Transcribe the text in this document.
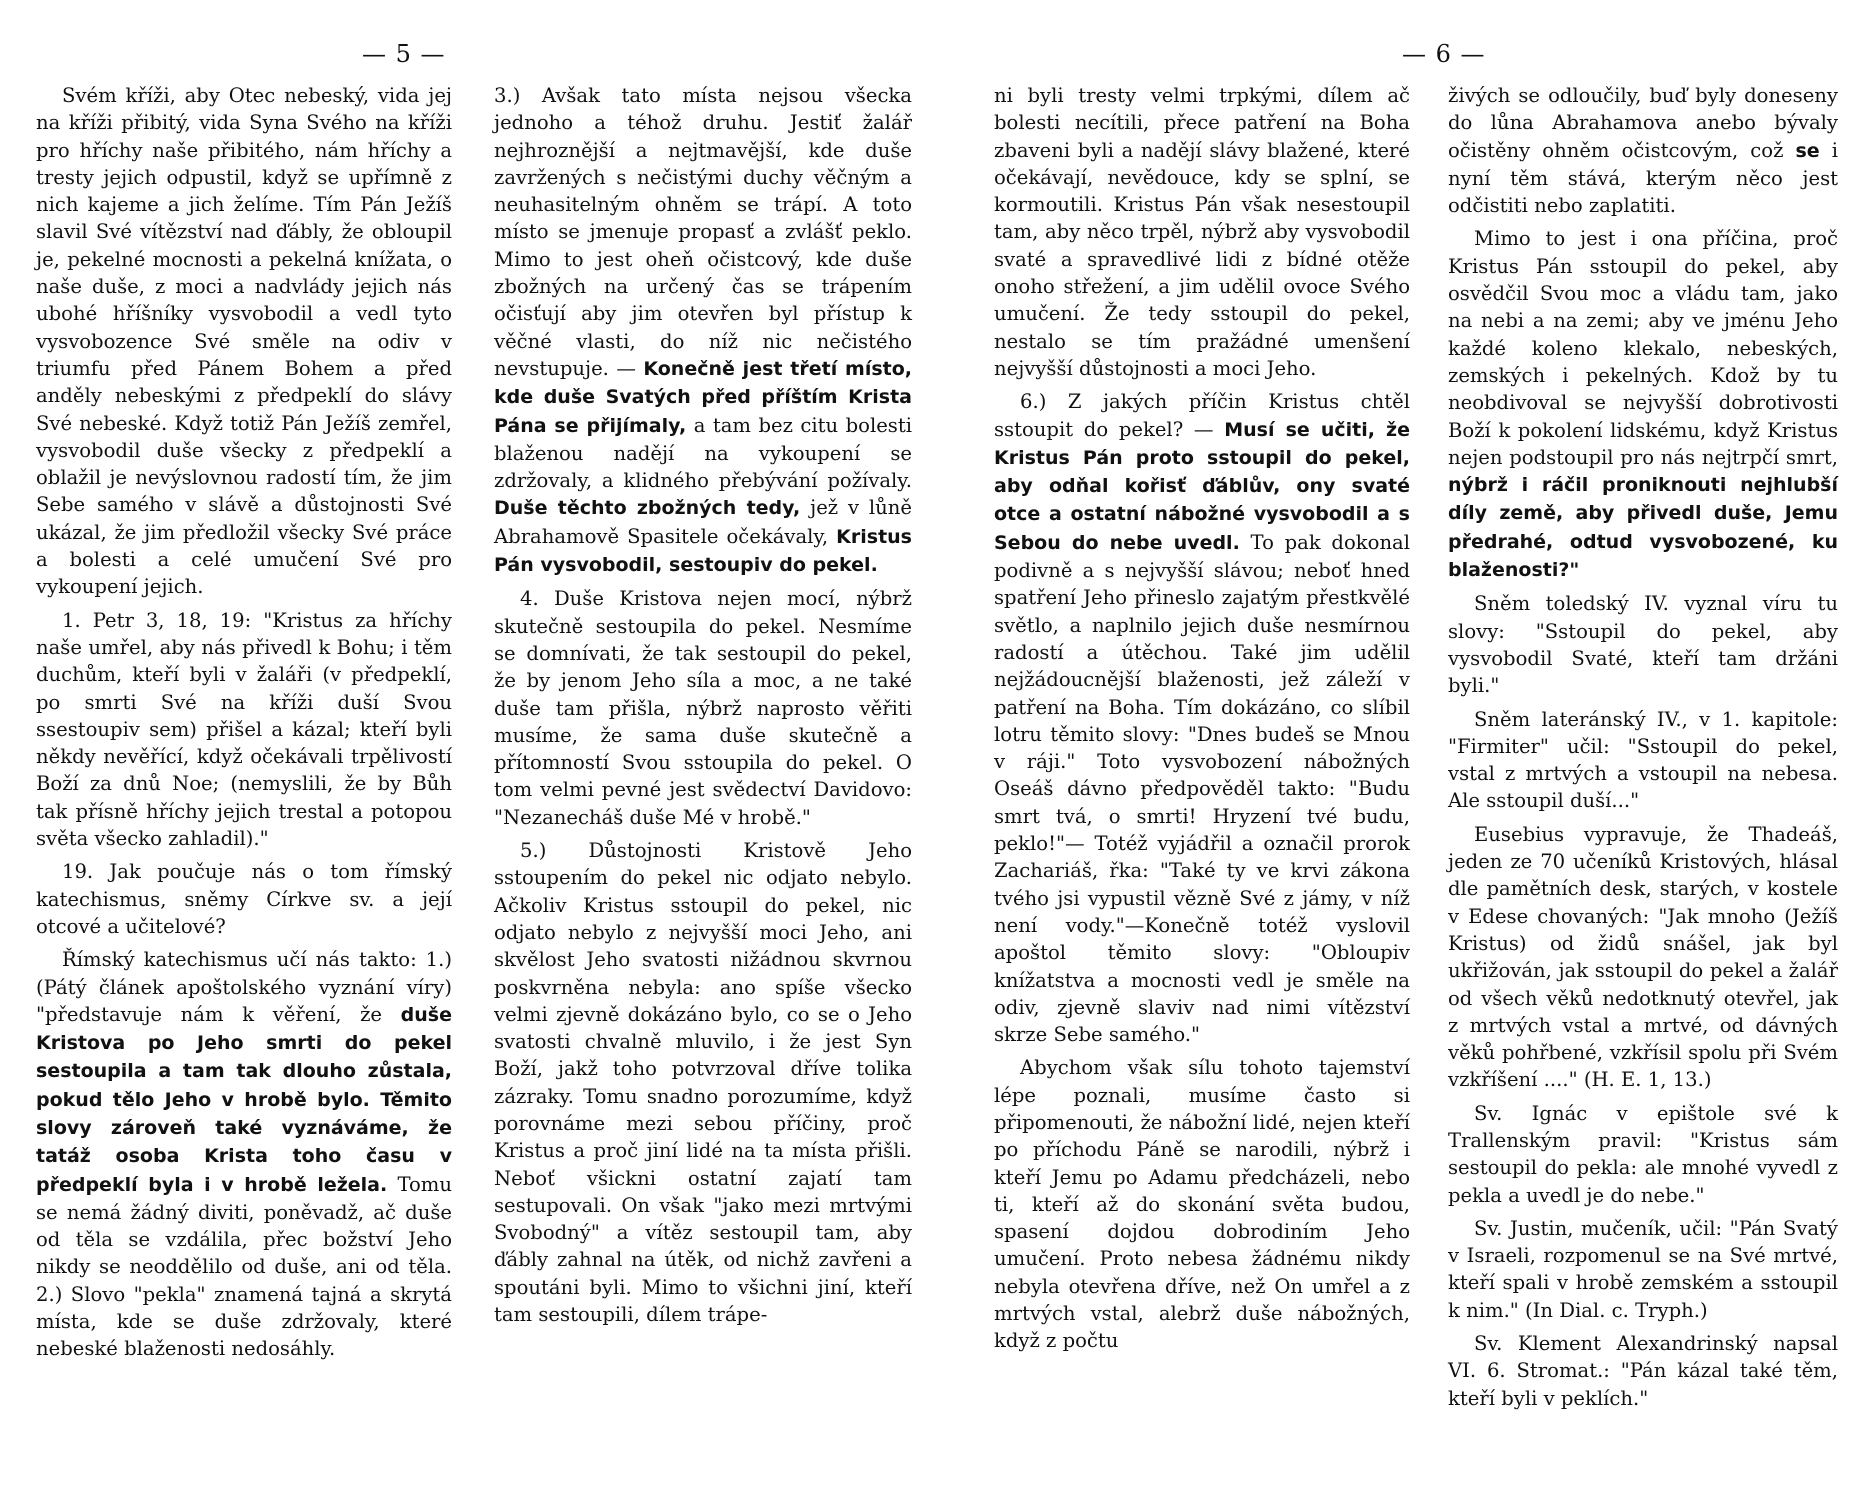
— 5 —	— 6 —

Svém kříži, aby Otec nebeský, vida jej na kříži přibitý, vida Syna Svého na kříži pro hříchy naše přibitého, nám hříchy a tresty jejich odpustil, když se upřímně z nich kajeme a jich želíme. Tím Pán Ježíš slavil Své vítězství nad ďábly, že obloupil je, pekelné mocnosti a pekelná knížata, o naše duše, z moci a nadvlády jejich nás ubohé hříšníky vysvobodil a vedl tyto vysvobozence Své směle na odiv v triumfu před Pánem Bohem a před anděly nebeskými z předpeklí do slávy Své nebeské. Když totiž Pán Ježíš zemřel, vysvobodil duše všecky z předpeklí a oblažil je nevýslovnou radostí tím, že jim Sebe samého v slávě a důstojnosti Své ukázal, že jim předložil všecky Své práce a bolesti a celé umučení Své pro vykoupení jejich.

1. Petr 3, 18, 19: "Kristus za hříchy naše umřel, aby nás přivedl k Bohu; i těm duchům, kteří byli v žaláři (v předpeklí, po smrti Své na kříži duší Svou ssestoupiv sem) přišel a kázal; kteří byli někdy nevěřící, když očekávali trpělivostí Boží za dnů Noe; (nemyslili, že by Bůh tak přísně hříchy jejich trestal a potopou světa všecko zahladil)."

19. Jak poučuje nás o tom římský katechismus, sněmy Církve sv. a její otcové a učitelové?

Římský katechismus učí nás takto: 1.) (Pátý článek apoštolského vyznání víry) "představuje nám k věření, že duše Kristova po Jeho smrti do pekel sestoupila a tam tak dlouho zůstala, pokud tělo Jeho v hrobě bylo. Těmito slovy zároveň také vyznáváme, že tatáž osoba Krista toho času v předpeklí byla i v hrobě ležela. Tomu se nemá žádný diviti, poněvadž, ač duše od těla se vzdálila, přec božství Jeho nikdy se neoddělilo od duše, ani od těla. 2.) Slovo "pekla" znamená tajná a skrytá místa, kde se duše zdržovaly, které nebeské blaženosti nedosáhly.

3.) Avšak tato místa nejsou všecka jednoho a téhož druhu. Jestiť žalář nejhroznější a nejtmavější, kde duše zavržených s nečistými duchy věčným a neuhasitelným ohněm se trápí. A toto místo se jmenuje propasť a zvlášť peklo. Mimo to jest oheň očistcový, kde duše zbožných na určený čas se trápením očisťují aby jim otevřen byl přístup k věčné vlasti, do níž nic nečistého nevstupuje. — Konečně jest třetí místo, kde duše Svatých před příštím Krista Pána se přijímaly, a tam bez citu bolesti blaženou nadějí na vykoupení se zdržovaly, a klidného přebývání požívaly. Duše těchto zbožných tedy, jež v lůně Abrahamově Spasitele očekávaly, Kristus Pán vysvobodil, sestoupiv do pekel.

4. Duše Kristova nejen mocí, nýbrž skutečně sestoupila do pekel. Nesmíme se domnívati, že tak sestoupil do pekel, že by jenom Jeho síla a moc, a ne také duše tam přišla, nýbrž naprosto věřiti musíme, že sama duše skutečně a přítomností Svou sstoupila do pekel. O tom velmi pevné jest svědectví Davidovo: "Nezanecháš duše Mé v hrobě."

5.) Důstojnosti Kristově Jeho sstoupením do pekel nic odjato nebylo. Ačkoliv Kristus sstoupil do pekel, nic odjato nebylo z nejvyšší moci Jeho, ani skvělost Jeho svatosti nižádnou skvrnou poskvrněna nebyla: ano spíše všecko velmi zjevně dokázáno bylo, co se o Jeho svatosti chvalně mluvilo, i že jest Syn Boží, jakž toho potvrzoval dříve tolika zázraky. Tomu snadno porozumíme, když porovnáme mezi sebou příčiny, proč Kristus a proč jiní lidé na ta místa přišli. Neboť všickni ostatní zajatí tam sestupovali. On však "jako mezi mrtvými Svobodný" a vítěz sestoupil tam, aby ďábly zahnal na útěk, od nichž zavřeni a spoutáni byli. Mimo to všichni jiní, kteří tam sestoupili, dílem trápe-

ni byli tresty velmi trpkými, dílem ač bolesti necítili, přece patření na Boha zbaveni byli a nadějí slávy blažené, které očekávají, nevědouce, kdy se splní, se kormoutili. Kristus Pán však nesestoupil tam, aby něco trpěl, nýbrž aby vysvobodil svaté a spravedlivé lidi z bídné otěže onoho střežení, a jim udělil ovoce Svého umučení. Že tedy sstoupil do pekel, nestalo se tím pražádné umenšení nejvyšší důstojnosti a moci Jeho.

6.) Z jakých příčin Kristus chtěl sstoupit do pekel? — Musí se učiti, že Kristus Pán proto sstoupil do pekel, aby odňal kořisť ďáblův, ony svaté otce a ostatní nábožné vysvobodil a s Sebou do nebe uvedl. To pak dokonal podivně a s nejvyšší slávou; neboť hned spatření Jeho přineslo zajatým přestkvělé světlo, a naplnilo jejich duše nesmírnou radostí a útěchou. Také jim udělil nejžádoucnější blaženosti, jež záleží v patření na Boha. Tím dokázáno, co slíbil lotru těmito slovy: "Dnes budeš se Mnou v ráji." Toto vysvobození nábožných Oseáš dávno předpověděl takto: "Budu smrt tvá, o smrti! Hryzení tvé budu, peklo!"— Totéž vyjádřil a označil prorok Zachariáš, řka: "Také ty ve krvi zákona tvého jsi vypustil vězně Své z jámy, v níž není vody."—Konečně totéž vyslovil apoštol těmito slovy: "Obloupiv knížatstva a mocnosti vedl je směle na odiv, zjevně slaviv nad nimi vítězství skrze Sebe samého."

Abychom však sílu tohoto tajemství lépe poznali, musíme často si připomenouti, že nábožní lidé, nejen kteří po příchodu Páně se narodili, nýbrž i kteří Jemu po Adamu předcházeli, nebo ti, kteří až do skonání světa budou, spasení dojdou dobrodiním Jeho umučení. Proto nebesa žádnému nikdy nebyla otevřena dříve, než On umřel a z mrtvých vstal, alebrž duše nábožných, když z počtu

živých se odloučily, buď byly doneseny do lůna Abrahamova anebo bývaly očistěny ohněm očistcovým, což se i nyní těm stává, kterým něco jest odčistiti nebo zaplatiti.

Mimo to jest i ona příčina, proč Kristus Pán sstoupil do pekel, aby osvědčil Svou moc a vládu tam, jako na nebi a na zemi; aby ve jménu Jeho každé koleno klekalo, nebeských, zemských i pekelných. Kdož by tu neobdivoval se nejvyšší dobrotivosti Boží k pokolení lidskému, když Kristus nejen podstoupil pro nás nejtrpčí smrt, nýbrž i ráčil proniknouti nejhlubší díly země, aby přivedl duše, Jemu předrahé, odtud vysvobozené, ku blaženosti?"

Sněm toledský IV. vyznal víru tu slovy: "Sstoupil do pekel, aby vysvobodil Svaté, kteří tam držáni byli."

Sněm lateránský IV., v 1. kapitole: "Firmiter" učil: "Sstoupil do pekel, vstal z mrtvých a vstoupil na nebesa. Ale sstoupil duší..."

Eusebius vypravuje, že Thadeáš, jeden ze 70 učeníků Kristových, hlásal dle pamětních desk, starých, v kostele v Edese chovaných: "Jak mnoho (Ježíš Kristus) od židů snášel, jak byl ukřižován, jak sstoupil do pekel a žalář od všech věků nedotknutý otevřel, jak z mrtvých vstal a mrtvé, od dávných věků pohřbené, vzkřísil spolu při Svém vzkříšení ...." (H. E. 1, 13.)

Sv. Ignác v epištole své k Trallenským pravil: "Kristus sám sestoupil do pekla: ale mnohé vyvedl z pekla a uvedl je do nebe."

Sv. Justin, mučeník, učil: "Pán Svatý v Israeli, rozpomenul se na Své mrtvé, kteří spali v hrobě zemském a sstoupil k nim." (In Dial. c. Tryph.)

Sv. Klement Alexandrinský napsal VI. 6. Stromat.: "Pán kázal také těm, kteří byli v peklích."
